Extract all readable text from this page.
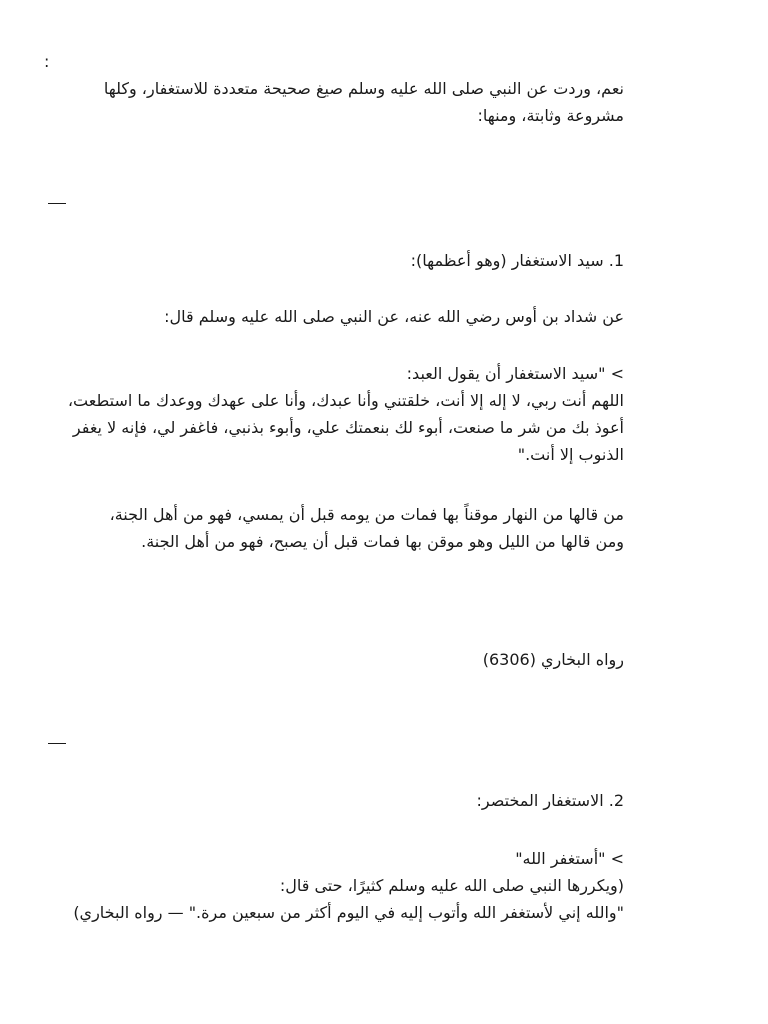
:
نعم، وردت عن النبي صلى الله عليه وسلم صيغ صحيحة متعددة للاستغفار، وكلها
مشروعة وثابتة، ومنها:
1. سيد الاستغفار (وهو أعظمها):
عن شداد بن أوس رضي الله عنه، عن النبي صلى الله عليه وسلم قال:
> "سيد الاستغفار أن يقول العبد:
اللهم أنت ربي، لا إله إلا أنت، خلقتني وأنا عبدك، وأنا على عهدك ووعدك ما استطعت،
أعوذ بك من شر ما صنعت، أبوء لك بنعمتك علي، وأبوء بذنبي، فاغفر لي، فإنه لا يغفر
الذنوب إلا أنت."
من قالها من النهار موقناً بها فمات من يومه قبل أن يمسي، فهو من أهل الجنة،
ومن قالها من الليل وهو موقن بها فمات قبل أن يصبح، فهو من أهل الجنة.
رواه البخاري (6306)
2. الاستغفار المختصر:
> "أستغفر الله"
(ويكررها النبي صلى الله عليه وسلم كثيرًا، حتى قال:
"والله إني لأستغفر الله وأتوب إليه في اليوم أكثر من سبعين مرة." — رواه البخاري)
